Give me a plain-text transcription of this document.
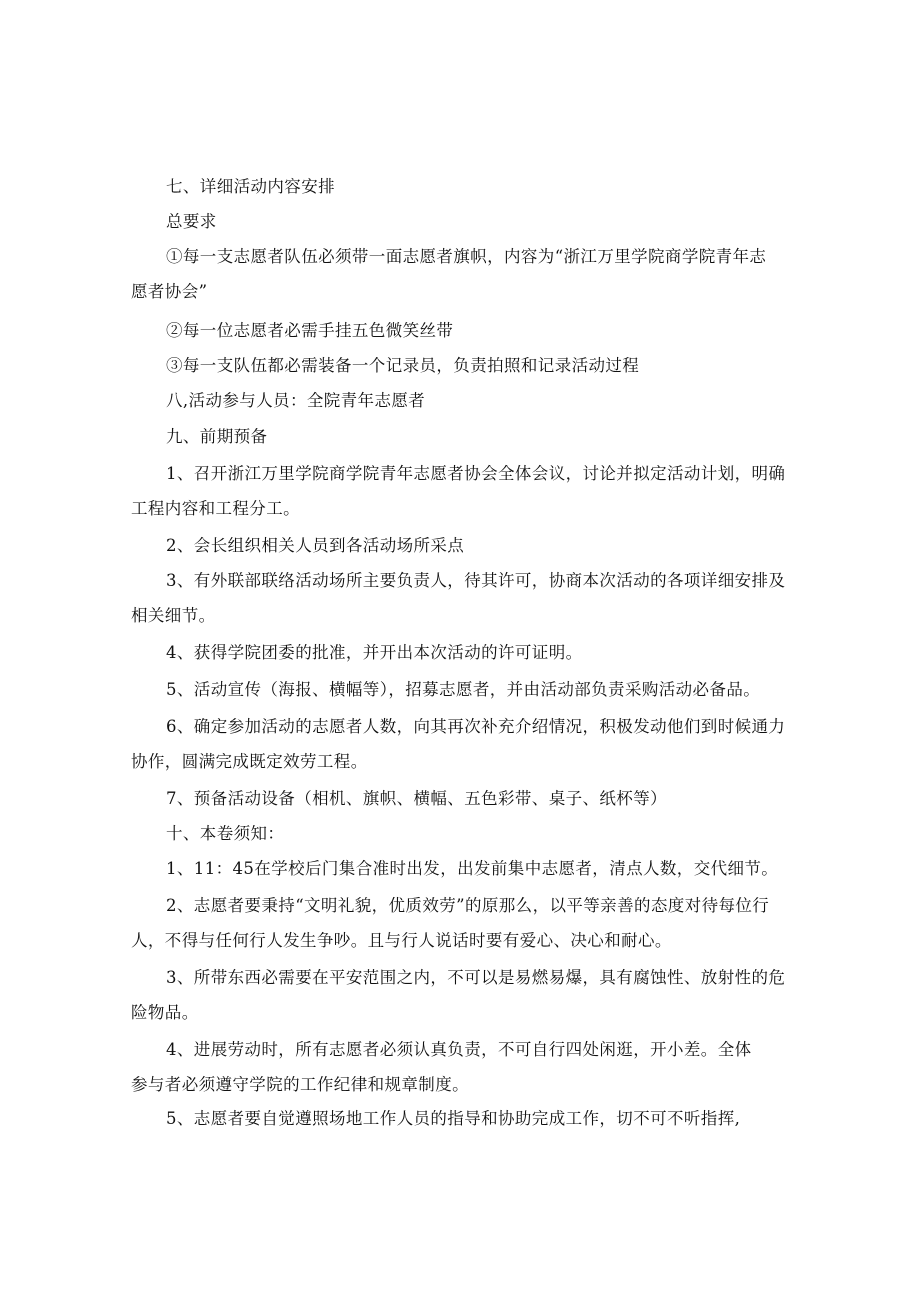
七、详细活动内容安排
总要求
①每一支志愿者队伍必须带一面志愿者旗帜，内容为“浙江万里学院商学院青年志
愿者协会”
②每一位志愿者必需手挂五色微笑丝带
③每一支队伍都必需装备一个记录员，负责拍照和记录活动过程
八,活动参与人员：全院青年志愿者
九、前期预备
1、召开浙江万里学院商学院青年志愿者协会全体会议，讨论并拟定活动计划，明确
工程内容和工程分工。
2、会长组织相关人员到各活动场所采点
3、有外联部联络活动场所主要负责人，待其许可，协商本次活动的各项详细安排及
相关细节。
4、获得学院团委的批准，并开出本次活动的许可证明。
5、活动宣传（海报、横幅等），招募志愿者，并由活动部负责采购活动必备品。
6、确定参加活动的志愿者人数，向其再次补充介绍情况，积极发动他们到时候通力
协作，圆满完成既定效劳工程。
7、预备活动设备（相机、旗帜、横幅、五色彩带、桌子、纸杯等）
十、本卷须知：
1、11：45在学校后门集合准时出发，出发前集中志愿者，清点人数，交代细节。
2、志愿者要秉持“文明礼貌，优质效劳”的原那么，以平等亲善的态度对待每位行
人，不得与任何行人发生争吵。且与行人说话时要有爱心、决心和耐心。
3、所带东西必需要在平安范围之内，不可以是易燃易爆，具有腐蚀性、放射性的危
险物品。
4、进展劳动时，所有志愿者必须认真负责，不可自行四处闲逛，开小差。全体
参与者必须遵守学院的工作纪律和规章制度。
5、志愿者要自觉遵照场地工作人员的指导和协助完成工作，切不可不听指挥,
